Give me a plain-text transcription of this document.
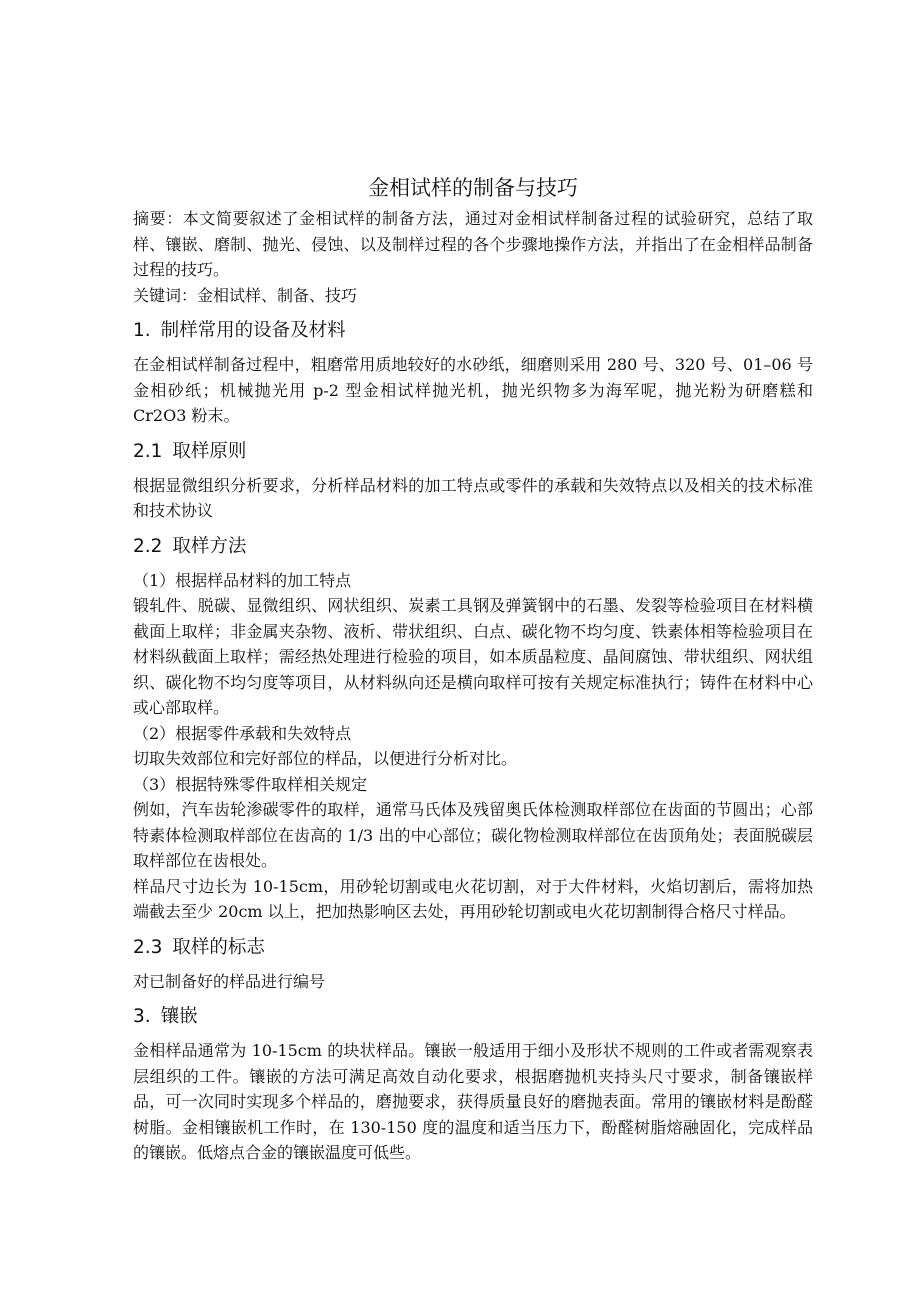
金相试样的制备与技巧

摘要：本文简要叙述了金相试样的制备方法，通过对金相试样制备过程的试验研究，总结了取样、镶嵌、磨制、抛光、侵蚀、以及制样过程的各个步骤地操作方法，并指出了在金相样品制备过程的技巧。

关键词：金相试样、制备、技巧

1. 制样常用的设备及材料

在金相试样制备过程中，粗磨常用质地较好的水砂纸，细磨则采用 280 号、320 号、01–06 号金相砂纸；机械抛光用 p-2 型金相试样抛光机，抛光织物多为海军呢，抛光粉为研磨糕和 Cr2O3 粉末。

2.1 取样原则

根据显微组织分析要求，分析样品材料的加工特点或零件的承载和失效特点以及相关的技术标准和技术协议

2.2 取样方法

（1）根据样品材料的加工特点

锻轧件、脱碳、显微组织、网状组织、炭素工具钢及弹簧钢中的石墨、发裂等检验项目在材料横截面上取样；非金属夹杂物、液析、带状组织、白点、碳化物不均匀度、铁素体相等检验项目在材料纵截面上取样；需经热处理进行检验的项目，如本质晶粒度、晶间腐蚀、带状组织、网状组织、碳化物不均匀度等项目，从材料纵向还是横向取样可按有关规定标准执行；铸件在材料中心或心部取样。

（2）根据零件承载和失效特点

切取失效部位和完好部位的样品，以便进行分析对比。

（3）根据特殊零件取样相关规定

例如，汽车齿轮渗碳零件的取样，通常马氏体及残留奥氏体检测取样部位在齿面的节圆出；心部特素体检测取样部位在齿高的 1/3 出的中心部位；碳化物检测取样部位在齿顶角处；表面脱碳层取样部位在齿根处。

样品尺寸边长为 10-15cm，用砂轮切割或电火花切割，对于大件材料，火焰切割后，需将加热端截去至少 20cm 以上，把加热影响区去处，再用砂轮切割或电火花切割制得合格尺寸样品。

2.3 取样的标志

对已制备好的样品进行编号

3. 镶嵌

金相样品通常为 10-15cm 的块状样品。镶嵌一般适用于细小及形状不规则的工件或者需观察表层组织的工件。镶嵌的方法可满足高效自动化要求，根据磨抛机夹持头尺寸要求，制备镶嵌样品，可一次同时实现多个样品的，磨抛要求，获得质量良好的磨抛表面。常用的镶嵌材料是酚醛树脂。金相镶嵌机工作时，在 130-150 度的温度和适当压力下，酚醛树脂熔融固化，完成样品的镶嵌。低熔点合金的镶嵌温度可低些。
